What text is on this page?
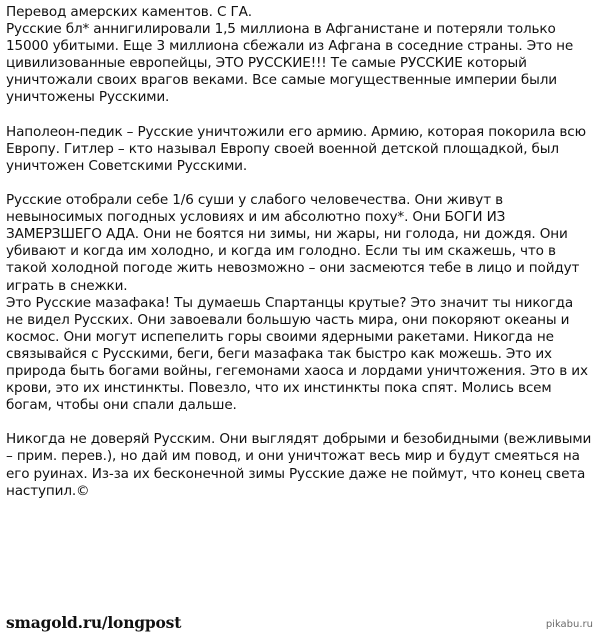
Перевод амерских каментов. С ГА.

Русские бл* аннигилировали 1,5 миллиона в Афганистане и потеряли только 15000 убитыми. Еще 3 миллиона сбежали из Афгана в соседние страны. Это не цивилизованные европейцы, ЭТО РУССКИЕ!!! Те самые РУССКИЕ который уничтожали своих врагов веками. Все самые могущественные империи были уничтожены Русскими.

Наполеон-педик – Русские уничтожили его армию. Армию, которая покорила всю Европу. Гитлер – кто называл Европу своей военной детской площадкой, был уничтожен Советскими Русскими.

Русские отобрали себе 1/6 суши у слабого человечества. Они живут в невыносимых погодных условиях и им абсолютно поху*. Они БОГИ ИЗ ЗАМЕРЗШЕГО АДА. Они не боятся ни зимы, ни жары, ни голода, ни дождя. Они убивают и когда им холодно, и когда им голодно. Если ты им скажешь, что в такой холодной погоде жить невозможно – они засмеются тебе в лицо и пойдут играть в снежки.

Это Русские мазафака! Ты думаешь Спартанцы крутые? Это значит ты никогда не видел Русских. Они завоевали большую часть мира, они покоряют океаны и космос. Они могут испепелить горы своими ядерными ракетами. Никогда не связывайся с Русскими, беги, беги мазафака так быстро как можешь. Это их природа быть богами войны, гегемонами хаоса и лордами уничтожения. Это в их крови, это их инстинкты. Повезло, что их инстинкты пока спят. Молись всем богам, чтобы они спали дальше.

Никогда не доверяй Русским. Они выглядят добрыми и безобидными (вежливыми – прим. перев.), но дай им повод, и они уничтожат весь мир и будут смеяться на его руинах. Из-за их бесконечной зимы Русские даже не поймут, что конец света наступил.©

smagold.ru/longpost	pikabu.ru
